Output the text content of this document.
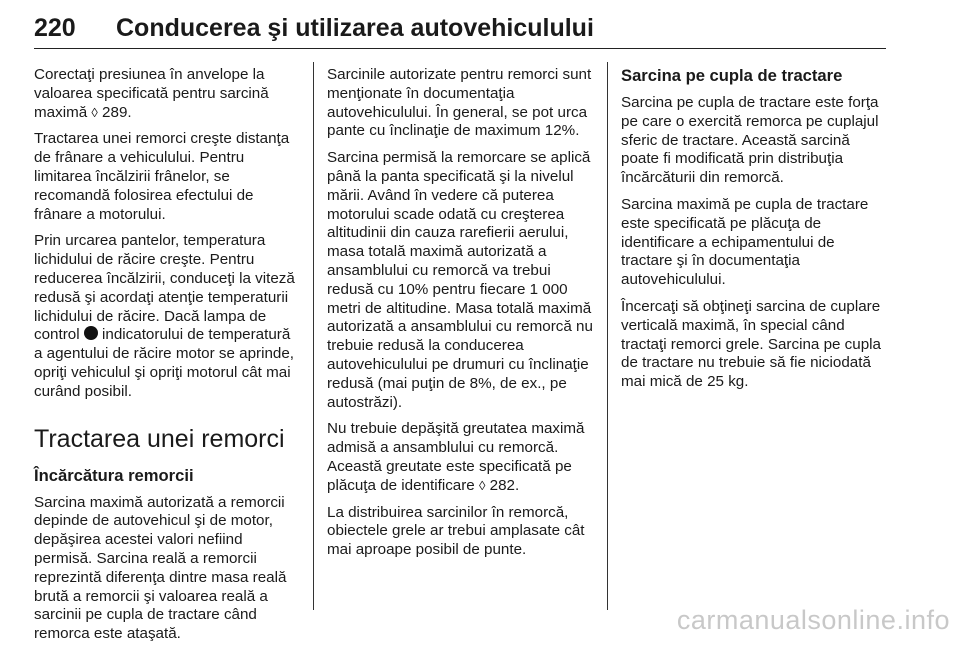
220 Conducerea şi utilizarea autovehiculului

Corectaţi presiunea în anvelope la valoarea specificată pentru sarcină maximă ◊ 289.

Tractarea unei remorci creşte distanţa de frânare a vehiculului. Pentru limitarea încălzirii frânelor, se recomandă folosirea efectului de frânare a motorului.

Prin urcarea pantelor, temperatura lichidului de răcire creşte. Pentru reducerea încălzirii, conduceţi la viteză redusă şi acordaţi atenţie temperaturii lichidului de răcire. Dacă lampa de control  indicatorului de temperatură a agentului de răcire motor se aprinde, opriţi vehiculul şi opriţi motorul cât mai curând posibil.

Tractarea unei remorci
Încărcătura remorcii

Sarcina maximă autorizată a remorcii depinde de autovehicul şi de motor, depăşirea acestei valori nefiind permisă. Sarcina reală a remorcii reprezintă diferenţa dintre masa reală brută a remorcii şi valoarea reală a sarcinii pe cupla de tractare când remorca este ataşată.

Sarcinile autorizate pentru remorci sunt menţionate în documentaţia autovehiculului. În general, se pot urca pante cu înclinaţie de maximum 12%.

Sarcina permisă la remorcare se aplică până la panta specificată şi la nivelul mării. Având în vedere că puterea motorului scade odată cu creşterea altitudinii din cauza rarefierii aerului, masa totală maximă autorizată a ansamblului cu remorcă va trebui redusă cu 10% pentru fiecare 1 000 metri de altitudine. Masa totală maximă autorizată a ansamblului cu remorcă nu trebuie redusă la conducerea autovehiculului pe drumuri cu înclinaţie redusă (mai puţin de 8%, de ex., pe autostrăzi).

Nu trebuie depăşită greutatea maximă admisă a ansamblului cu remorcă. Această greutate este specificată pe plăcuţa de identificare ◊ 282.

La distribuirea sarcinilor în remorcă, obiectele grele ar trebui amplasate cât mai aproape posibil de punte.

Sarcina pe cupla de tractare

Sarcina pe cupla de tractare este forţa pe care o exercită remorca pe cuplajul sferic de tractare. Această sarcină poate fi modificată prin distribuţia încărcăturii din remorcă.

Sarcina maximă pe cupla de tractare este specificată pe plăcuţa de identificare a echipamentului de tractare şi în documentaţia autovehiculului.

Încercaţi să obţineţi sarcina de cuplare verticală maximă, în special când tractaţi remorci grele. Sarcina pe cupla de tractare nu trebuie să fie niciodată mai mică de 25 kg.

carmanualsonline.info
